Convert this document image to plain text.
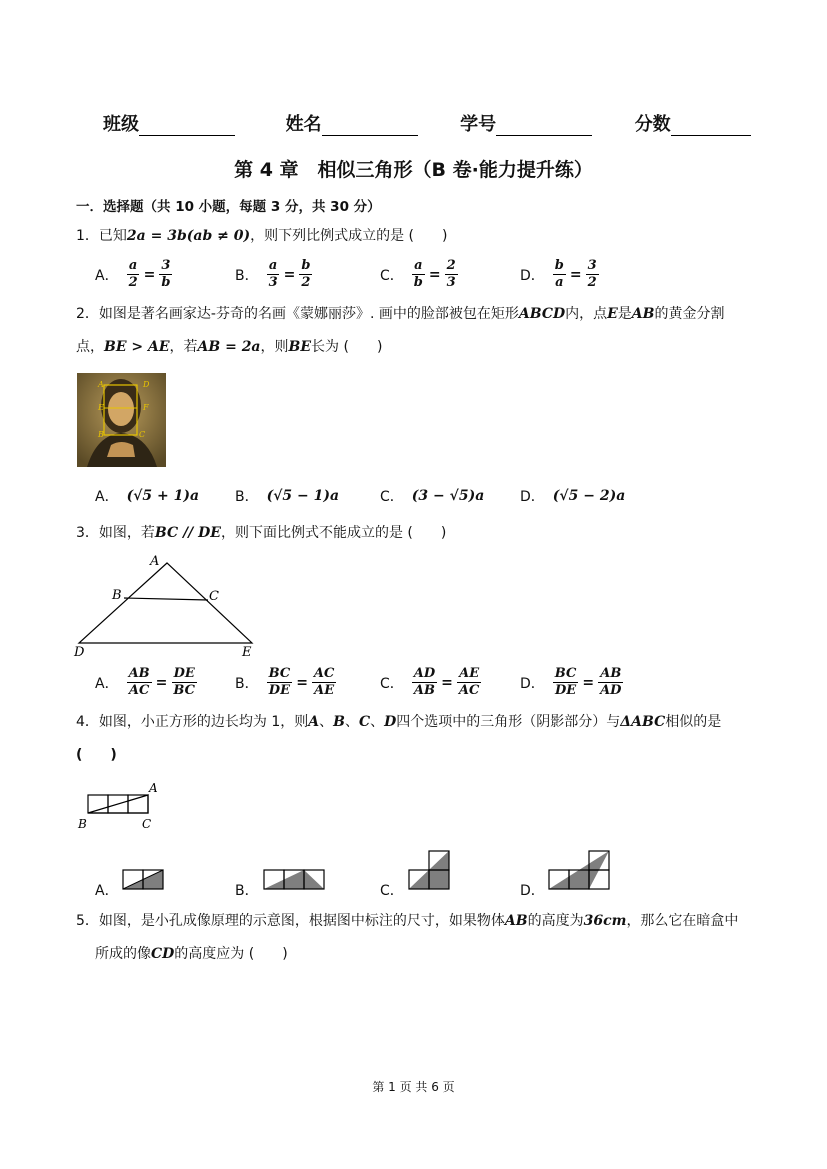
班级	姓名	学号	分数
第 4 章　相似三角形（B 卷·能力提升练）
一．选择题（共 10 小题，每题 3 分，共 30 分）
1．已知2a = 3b(ab ≠ 0)，则下列比例式成立的是 (　　)
A． $\frac{a}{2} = \frac{3}{b}$	B． $\frac{a}{3} = \frac{b}{2}$	C． $\frac{a}{b} = \frac{2}{3}$	D． $\frac{b}{a} = \frac{3}{2}$
2．如图是著名画家达-芬奇的名画《蒙娜丽莎》. 画中的脸部被包在矩形ABCD内，点E是AB的黄金分割
点，BE > AE，若AB = 2a，则BE长为 (　　)
A	D
E	F
B	C
A． (√5 + 1)a	B． (√5 − 1)a	C． (3 − √5)a	D． (√5 − 2)a
3．如图，若BC // DE，则下面比例式不能成立的是 (　　)
A
B	C
D	E
A． $\frac{AB}{AC} = \frac{DE}{BC}$	B． $\frac{BC}{DE} = \frac{AC}{AE}$	C． $\frac{AD}{AB} = \frac{AE}{AC}$	D． $\frac{BC}{DE} = \frac{AB}{AD}$
4．如图，小正方形的边长均为 1，则A、B、C、D四个选项中的三角形（阴影部分）与ΔABC相似的是
(　　)
A
B	C
A．	B．	C．	D．
5．如图，是小孔成像原理的示意图，根据图中标注的尺寸，如果物体AB的高度为36cm，那么它在暗盒中
所成的像CD的高度应为 (　　)
第 1 页 共 6 页
